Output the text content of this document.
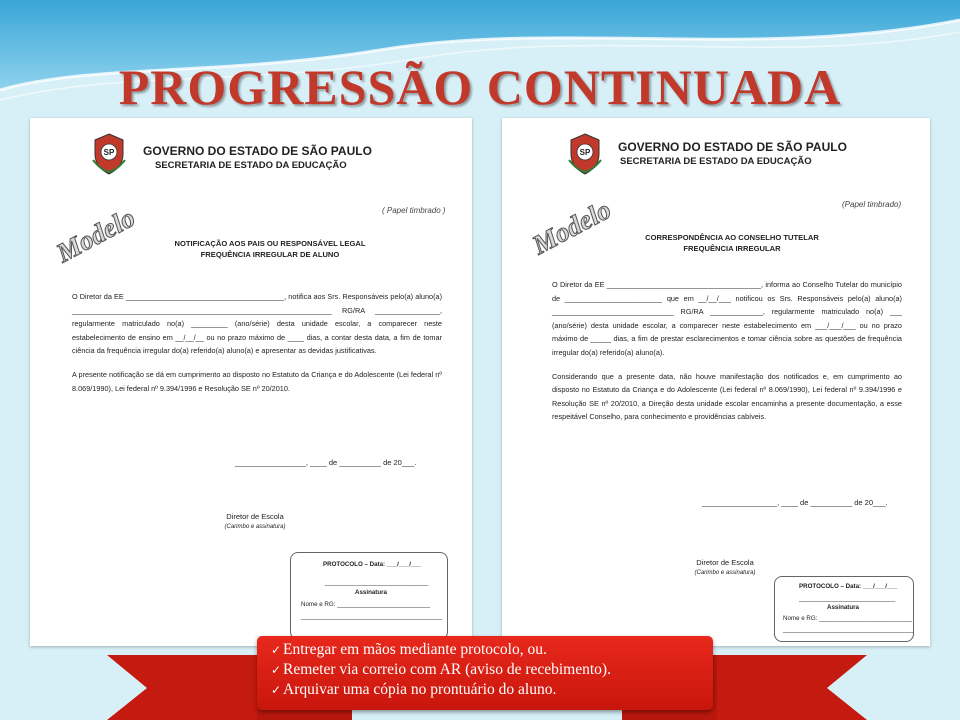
PROGRESSÃO CONTINUADA
SP GOVERNO DO ESTADO DE SÃO PAULO
SECRETARIA DE ESTADO DA EDUCAÇÃO
( Papel timbrado )
Modelo	NOTIFICAÇÃO AOS PAIS OU RESPONSÁVEL LEGAL
FREQUÊNCIA IRREGULAR DE ALUNO

O Diretor da EE _______________________________________, notifica aos Srs. Responsáveis pelo(a) aluno(a) ________________________________________________________________ RG/RA ________________, regularmente matriculado no(a) _________ (ano/série) desta unidade escolar, a comparecer neste estabelecimento de ensino em __/__/__ ou no prazo máximo de ____ dias, a contar desta data, a fim de tomar ciência da frequência irregular do(a) referido(a) aluno(a) e apresentar as devidas justificativas.

A presente notificação se dá em cumprimento ao disposto no Estatuto da Criança e do Adolescente (Lei federal nº 8.069/1990), Lei federal nº 9.394/1996 e Resolução SE nº 20/2010.

_________________, ____ de __________ de 20___.
Diretor de Escola
(Carimbo e assinatura)
PROTOCOLO – Data: ___/___/___
______________________________
Assinatura
Nome e RG: ___________________________
_________________________________________
SP GOVERNO DO ESTADO DE SÃO PAULO
SECRETARIA DE ESTADO DA EDUCAÇÃO
(Papel timbrado)
Modelo	CORRESPONDÊNCIA AO CONSELHO TUTELAR
FREQUÊNCIA IRREGULAR

O Diretor da EE ______________________________________, informa ao Conselho Tutelar do município de ________________________ que em __/__/___ notificou os Srs. Responsáveis pelo(a) aluno(a) ______________________________ RG/RA _____________, regularmente matriculado no(a) ___ (ano/série) desta unidade escolar, a comparecer neste estabelecimento em ___/___/___ ou no prazo máximo de _____ dias, a fim de prestar esclarecimentos e tomar ciência sobre as questões de frequência irregular do(a) referido(a) aluno(a).

Considerando que a presente data, não houve manifestação dos notificados e, em cumprimento ao disposto no Estatuto da Criança e do Adolescente (Lei federal nº 8.069/1990), Lei federal nº 9.394/1996 e Resolução SE nº 20/2010, a Direção desta unidade escolar encaminha a presente documentação, a esse respeitável Conselho, para conhecimento e providências cabíveis.

__________________, ____ de __________ de 20___.
Diretor de Escola
(Carimbo e assinatura)
PROTOCOLO – Data: ___/___/___
____________________________
Assinatura
Nome e RG: ___________________________
______________________________________
✓ Entregar em mãos mediante protocolo, ou.
✓ Remeter via correio com AR (aviso de recebimento).
✓ Arquivar uma cópia no prontuário do aluno.
